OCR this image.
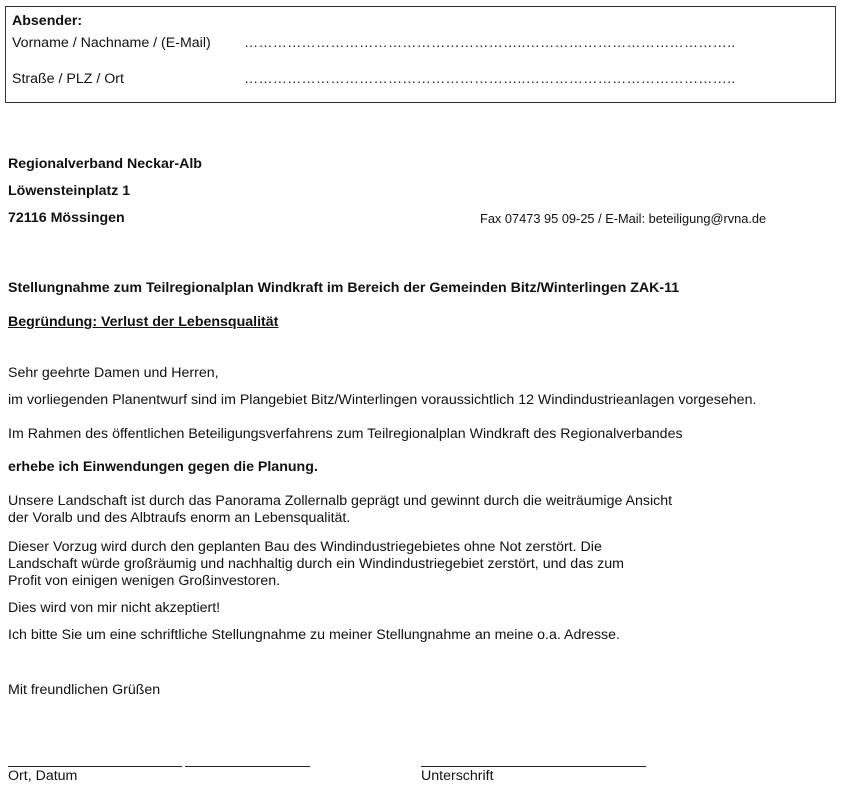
Absender:
Vorname / Nachname / (E-Mail) …………………………………………………..……………………………………..
Straße / PLZ / Ort	…………………………………………………..……………………………………..
Regionalverband Neckar-Alb
Löwensteinplatz 1
72116 Mössingen	Fax 07473 95 09-25 / E-Mail: beteiligung@rvna.de
Stellungnahme zum Teilregionalplan Windkraft im Bereich der Gemeinden Bitz/Winterlingen ZAK-11
Begründung: Verlust der Lebensqualität
Sehr geehrte Damen und Herren,
im vorliegenden Planentwurf sind im Plangebiet Bitz/Winterlingen voraussichtlich 12 Windindustrieanlagen vorgesehen.
Im Rahmen des öffentlichen Beteiligungsverfahrens zum Teilregionalplan Windkraft des Regionalverbandes
erhebe ich Einwendungen gegen die Planung.
Unsere Landschaft ist durch das Panorama Zollernalb geprägt und gewinnt durch die weiträumige Ansicht der Voralb und des Albtraufs enorm an Lebensqualität.
Dieser Vorzug wird durch den geplanten Bau des Windindustriegebietes ohne Not zerstört. Die Landschaft würde großräumig und nachhaltig durch ein Windindustriegebiet zerstört, und das zum Profit von einigen wenigen Großinvestoren.
Dies wird von mir nicht akzeptiert!
Ich bitte Sie um eine schriftliche Stellungnahme zu meiner Stellungnahme an meine o.a. Adresse.
Mit freundlichen Grüßen
Ort, Datum	Unterschrift
